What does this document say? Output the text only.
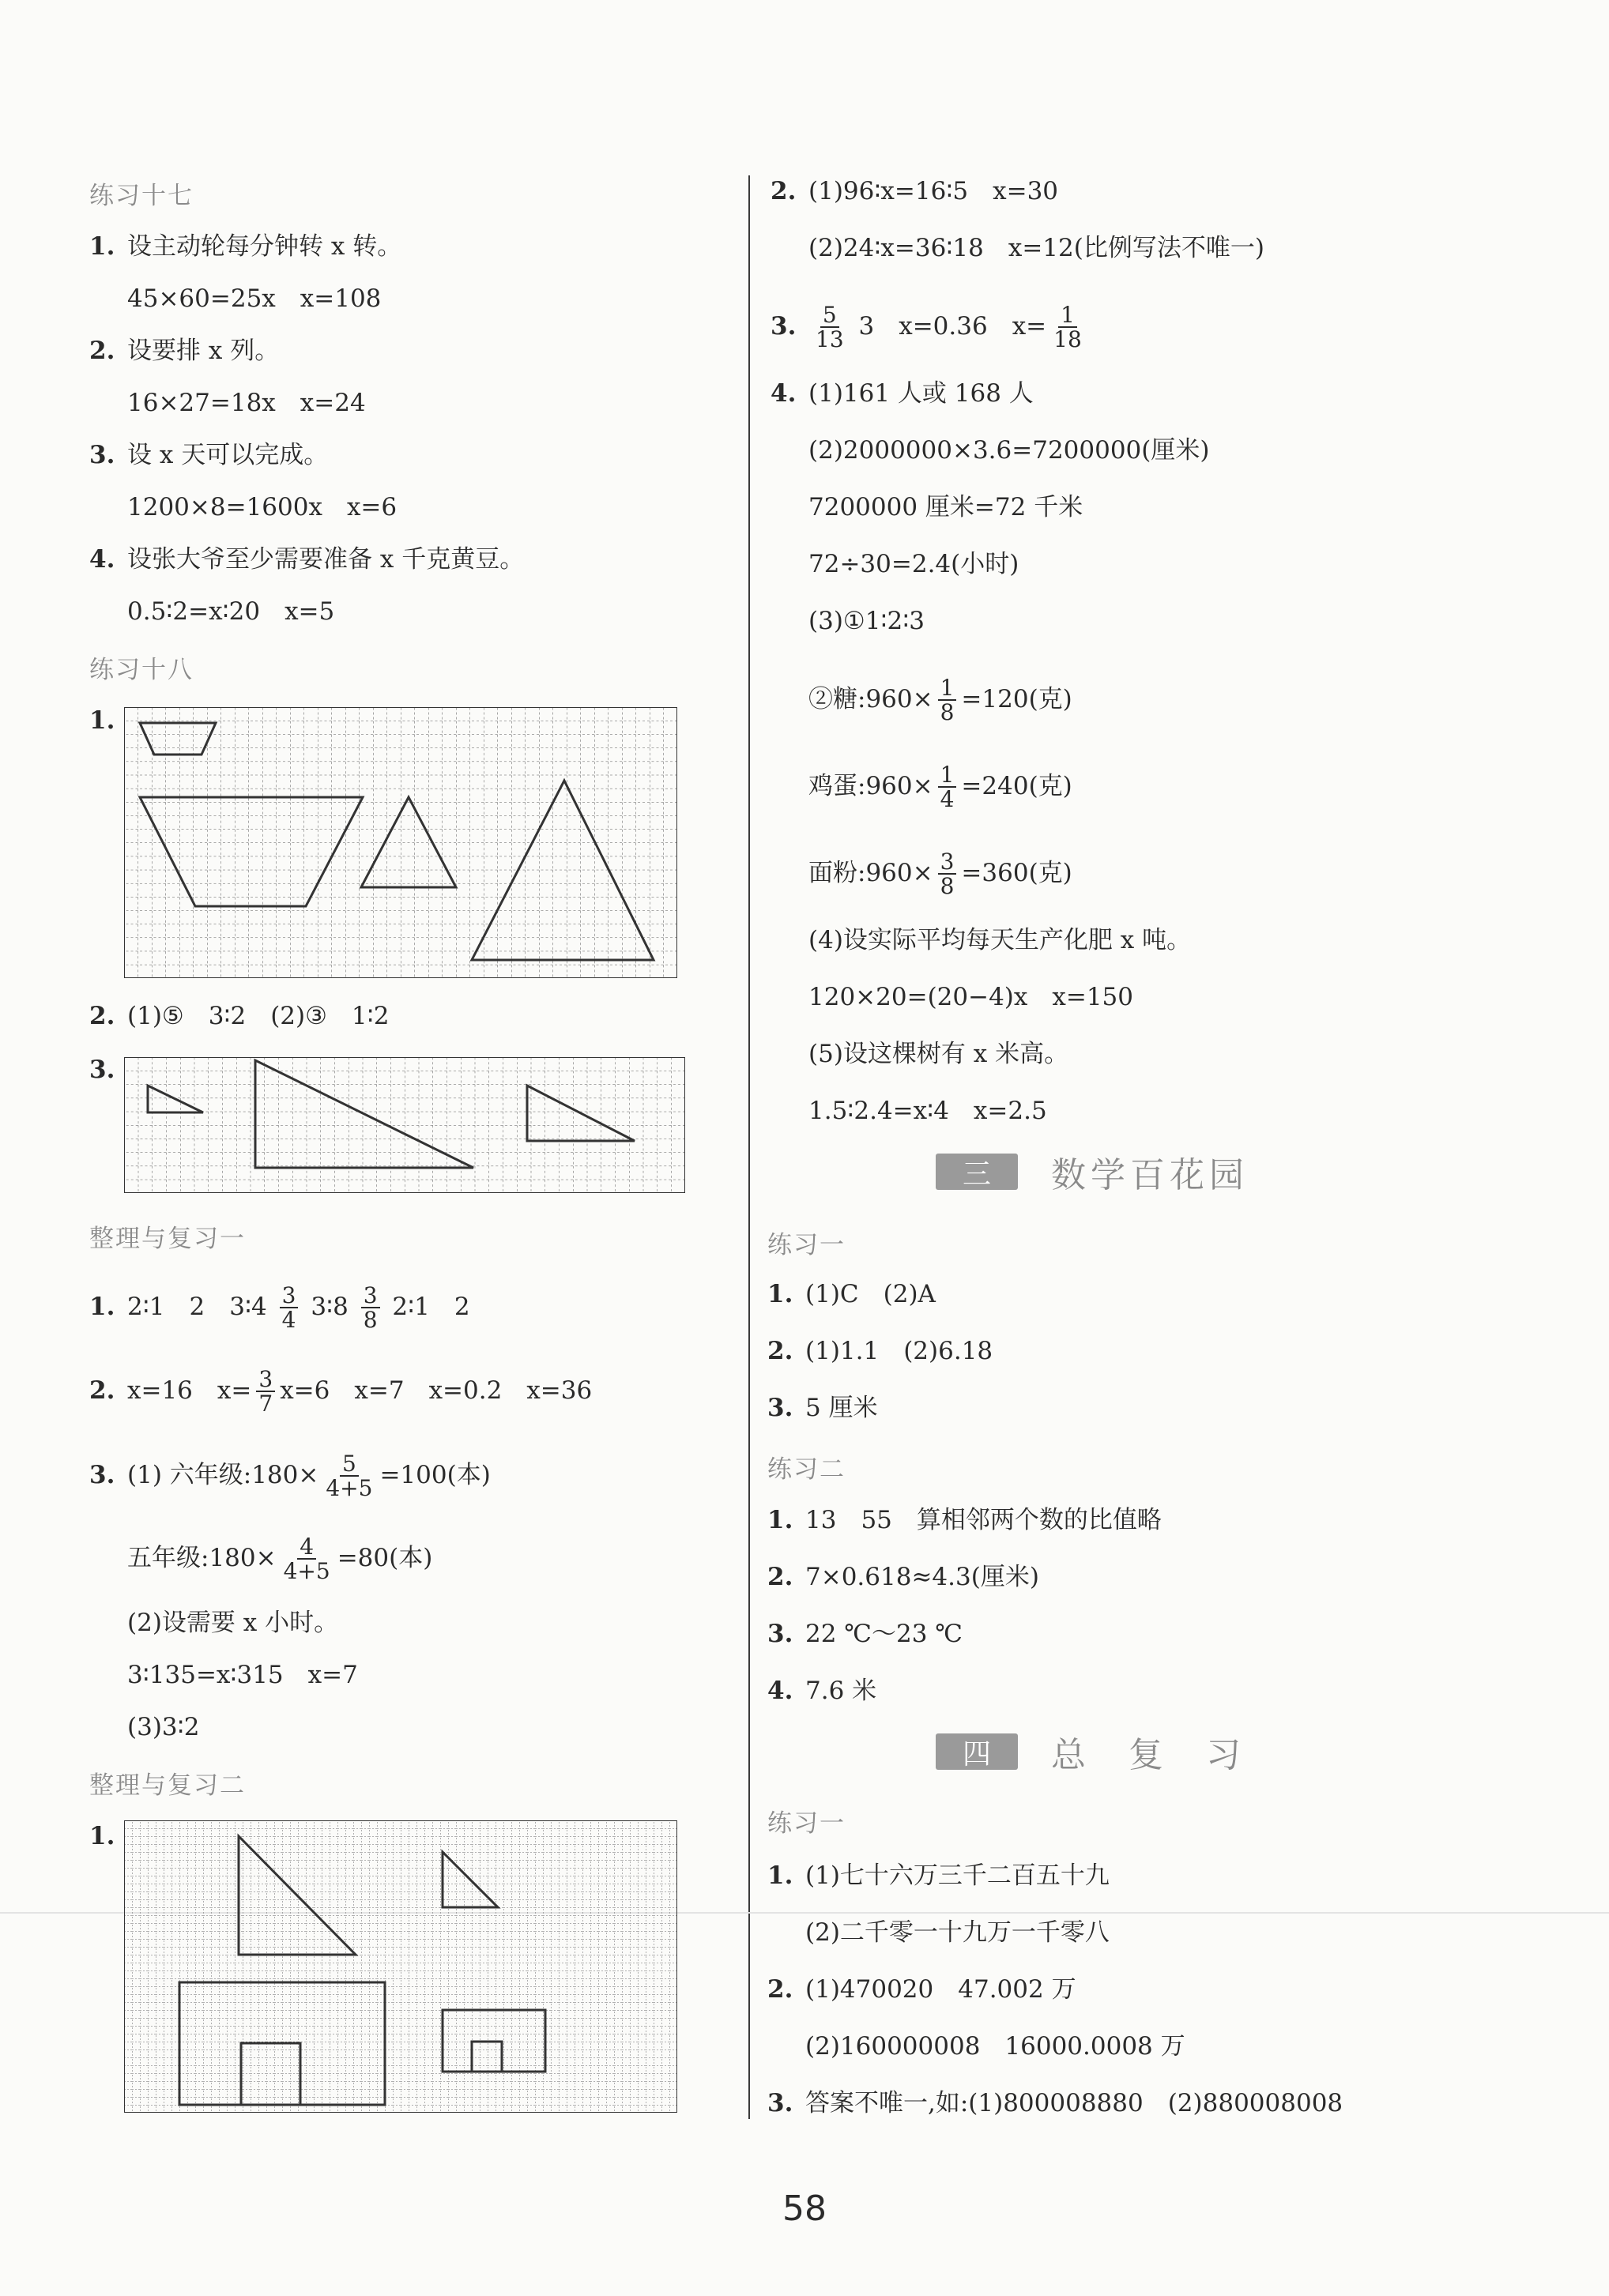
练习十七
1. 设主动轮每分钟转 x 转。
45×60=25x　x=108
2. 设要排 x 列。
16×27=18x　x=24
3. 设 x 天可以完成。
1200×8=1600x　x=6
4. 设张大爷至少需要准备 x 千克黄豆。
0.5∶2=x∶20　x=5
练习十八
1.
2. (1)⑤　3∶2　(2)③　1∶2
3.
整理与复习一
1. 2∶1　2　3∶4 $\frac{3}{4}$ 3∶8 $\frac{3}{8}$ 2∶1　2
2. x=16　$x= \frac{3}{7} x=6$　x=7　x=0.2　x=36
3. (1) 六年级:180× $\frac{5}{4+5} =100$(本)
五年级:180× $\frac{4}{4+5} =80$(本)
(2)设需要 x 小时。
3∶135=x∶315　x=7
(3)3∶2
整理与复习二
1.
2. (1)96∶x=16∶5　x=30
(2)24∶x=36∶18　x=12(比例写法不唯一)
3. $\frac{5}{13} 3$　x=0.36　$x= \frac{1}{18}$
4. (1)161 人或 168 人
(2)2000000×3.6=7200000(厘米)
7200000 厘米=72 千米
72÷30=2.4(小时)
(3)①1∶2∶3
②糖:960× $\frac{1}{8} =120$(克)
鸡蛋:960× $\frac{1}{4} =240$(克)
面粉:960× $\frac{3}{8} =360$(克)
(4)设实际平均每天生产化肥 x 吨。
120×20=(20−4)x　x=150
(5)设这棵树有 x 米高。
1.5∶2.4=x∶4　x=2.5
三	数学百花园
练习一
1. (1)C　(2)A
2. (1)1.1　(2)6.18
3. 5 厘米
练习二
1. 13　55　算相邻两个数的比值略
2. 7×0.618≈4.3(厘米)
3. 22 ℃～23 ℃
4. 7.6 米
四	总 复 习
练习一
1. (1)七十六万三千二百五十九
(2)二千零一十九万一千零八
2. (1)470020　47.002 万
(2)160000008　16000.0008 万
3. 答案不唯一,如:(1)800008880　(2)880008008
58
